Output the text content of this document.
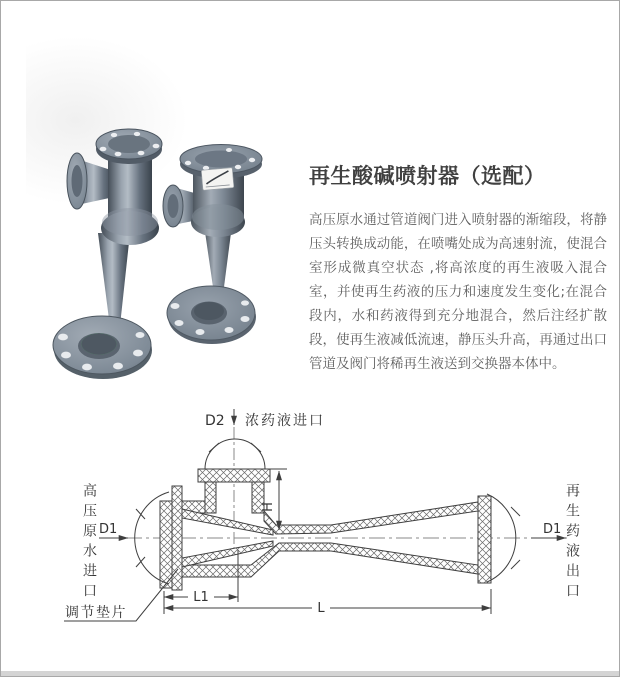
再生酸碱喷射器（选配）

高压原水通过管道阀门进入喷射器的渐缩段，将静压头转换成动能，在喷嘴处成为高速射流，使混合室形成微真空状态 ,将高浓度的再生液吸入混合室，并使再生药液的压力和速度发生变化;在混合段内，水和药液得到充分地混合，然后注经扩散段，使再生液减低流速，静压头升高，再通过出口管道及阀门将稀再生液送到交换器本体中。

D2 浓药液进口
D1	D1
H
L1
L
调节垫片
高压原水进口	再生药液出口
